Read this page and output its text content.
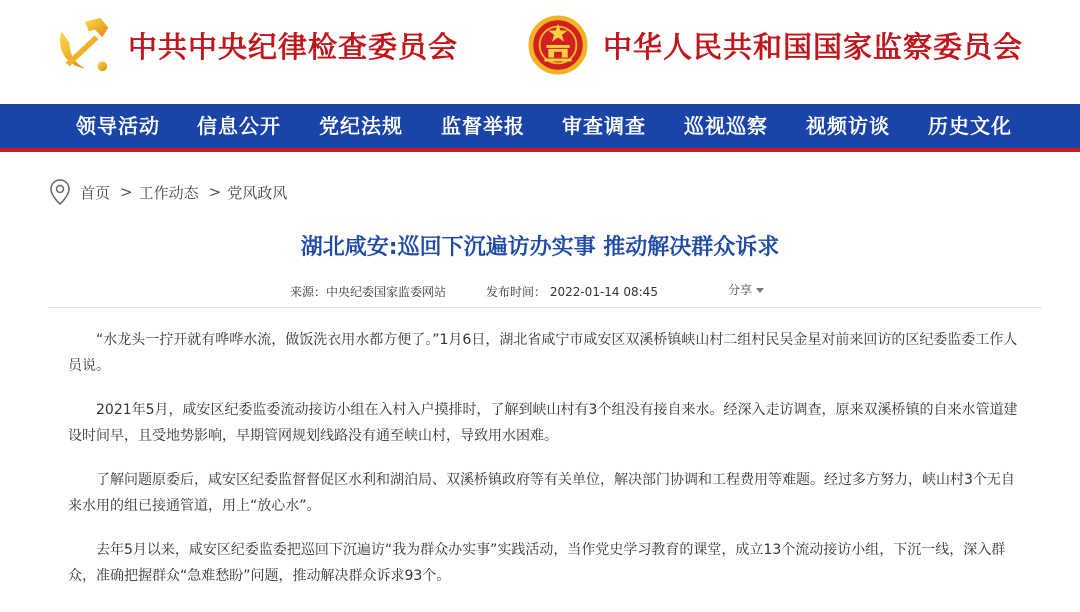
中共中央纪律检查委员会	中华人民共和国国家监察委员会
领导活动 信息公开 党纪法规 监督举报 审查调查 巡视巡察 视频访谈 历史文化
首页 > 工作动态 > 党风政风
湖北咸安:巡回下沉遍访办实事 推动解决群众诉求
来源：中央纪委国家监委网站	发布时间： 2022-01-14 08:45	分享

“水龙头一拧开就有哗哗水流，做饭洗衣用水都方便了。”1月6日，湖北省咸宁市咸安区双溪桥镇峡山村二组村民吴金星对前来回访的区纪委监委工作人员说。

2021年5月，咸安区纪委监委流动接访小组在入村入户摸排时，了解到峡山村有3个组没有接自来水。经深入走访调查，原来双溪桥镇的自来水管道建设时间早，且受地势影响，早期管网规划线路没有通至峡山村，导致用水困难。

了解问题原委后，咸安区纪委监督督促区水利和湖泊局、双溪桥镇政府等有关单位，解决部门协调和工程费用等难题。经过多方努力，峡山村3个无自来水用的组已接通管道，用上“放心水”。

去年5月以来，咸安区纪委监委把巡回下沉遍访“我为群众办实事”实践活动，当作党史学习教育的课堂，成立13个流动接访小组，下沉一线，深入群众，准确把握群众“急难愁盼”问题，推动解决群众诉求93个。
